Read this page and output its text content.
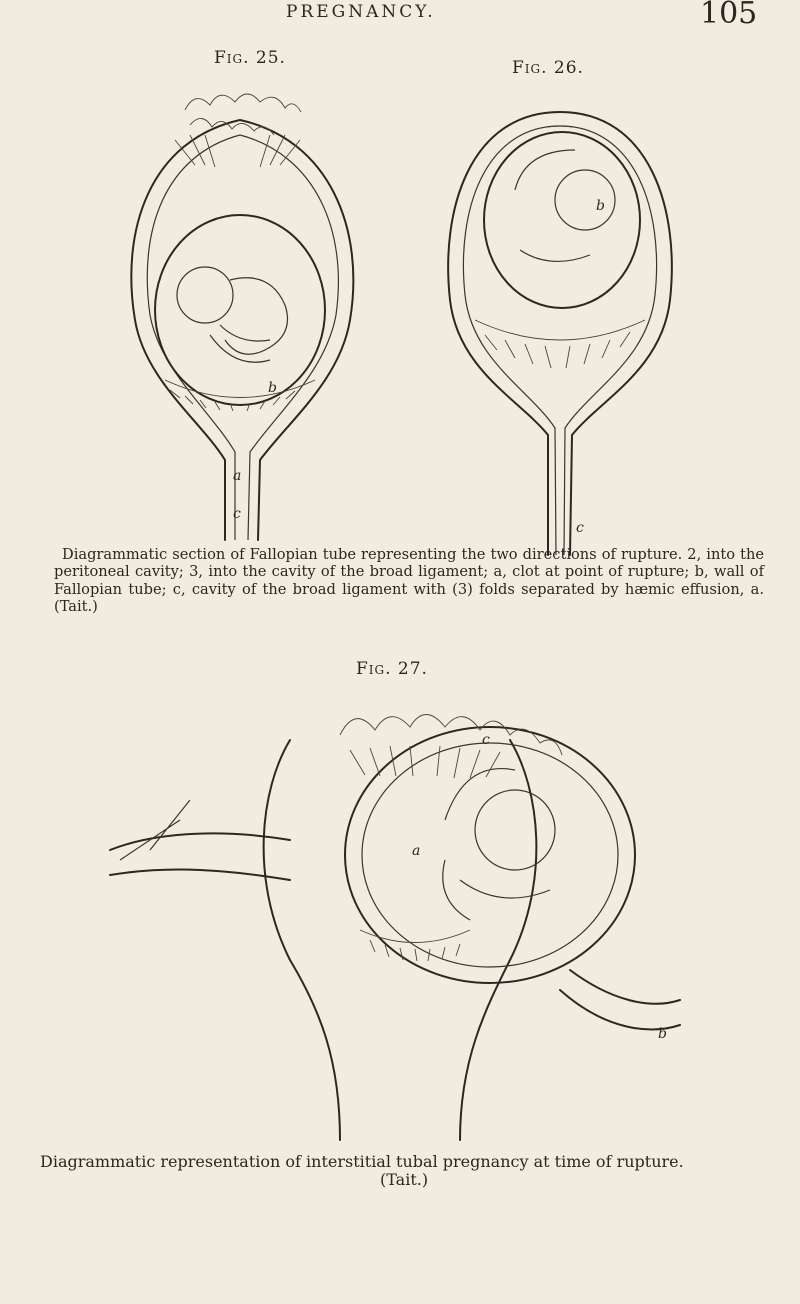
PREGNANCY.	105
Fig. 25.	Fig. 26.
b
c
a
c
b
Diagrammatic section of Fallopian tube representing the two directions of rupture. 2, into the peritoneal cavity; 3, into the cavity of the broad ligament; a, clot at point of rupture; b, wall of Fallopian tube; c, cavity of the broad ligament with (3) folds separated by hæmic effusion, a. (Tait.)
Fig. 27.
a
b
c
Diagrammatic representation of interstitial tubal pregnancy at time of rupture.
(Tait.)
